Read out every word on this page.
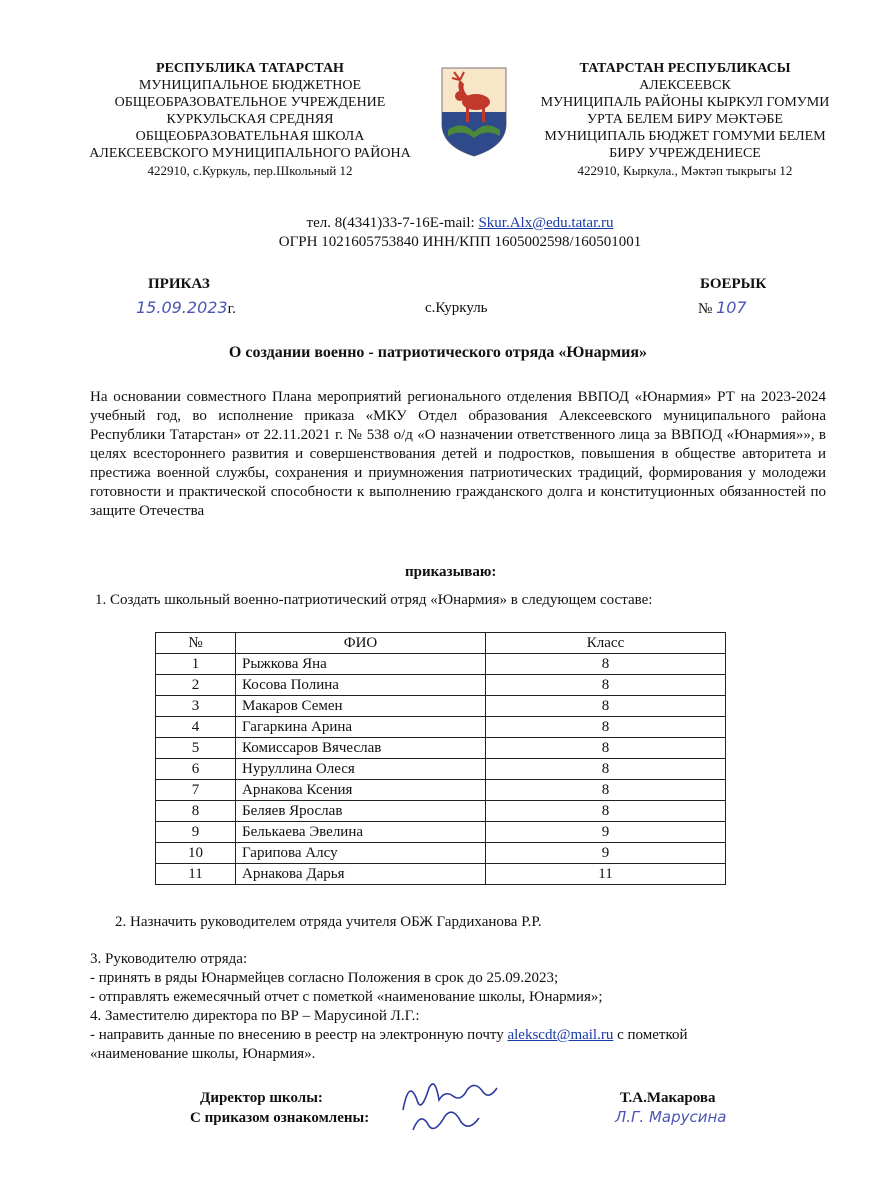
РЕСПУБЛИКА ТАТАРСТАН
МУНИЦИПАЛЬНОЕ БЮДЖЕТНОЕ
ОБЩЕОБРАЗОВАТЕЛЬНОЕ УЧРЕЖДЕНИЕ
КУРКУЛЬСКАЯ СРЕДНЯЯ
ОБЩЕОБРАЗОВАТЕЛЬНАЯ ШКОЛА
АЛЕКСЕЕВСКОГО МУНИЦИПАЛЬНОГО РАЙОНА
422910, с.Куркуль, пер.Школьный 12
ТАТАРСТАН РЕСПУБЛИКАСЫ
АЛЕКСЕЕВСК
МУНИЦИПАЛЬ РАЙОНЫ КЫРКУЛ ГОМУМИ
УРТА БЕЛЕМ БИРУ МӘКТӘБЕ
МУНИЦИПАЛЬ БЮДЖЕТ ГОМУМИ БЕЛЕМ
БИРУ УЧРЕЖДЕНИЕСЕ
422910, Кыркула., Мәктәп тыкрыгы 12
тел. 8(4341)33-7-16E-mail: Skur.Alx@edu.tatar.ru
ОГРН 1021605753840 ИНН/КПП 1605002598/160501001
ПРИКАЗ	БОЕРЫК
15.09.2023г.	с.Куркуль	№ 107
О создании военно - патриотического отряда «Юнармия»
На основании совместного Плана мероприятий регионального отделения ВВПОД «Юнармия» РТ на 2023-2024 учебный год, во исполнение приказа «МКУ Отдел образования Алексеевского муниципального района Республики Татарстан» от 22.11.2021 г. № 538 о/д «О назначении ответственного лица за ВВПОД «Юнармия»», в целях всестороннего развития и совершенствования детей и подростков, повышения в обществе авторитета и престижа военной службы, сохранения и приумножения патриотических традиций, формирования у молодежи готовности и практической способности к выполнению гражданского долга и конституционных обязанностей по защите Отечества
приказываю:
1. Создать школьный военно-патриотический отряд «Юнармия» в следующем составе:
№	ФИО	Класс
1	Рыжкова Яна	8
2	Косова Полина	8
3	Макаров Семен	8
4	Гагаркина Арина	8
5	Комиссаров Вячеслав	8
6	Нуруллина Олеся	8
7	Арнакова Ксения	8
8	Беляев Ярослав	8
9	Белькаева Эвелина	9
10	Гарипова Алсу	9
11	Арнакова Дарья	11
2. Назначить руководителем отряда учителя ОБЖ Гардиханова Р.Р.
3. Руководителю отряда:
- принять в ряды Юнармейцев согласно Положения в срок до 25.09.2023;
- отправлять ежемесячный отчет с пометкой «наименование школы, Юнармия»;
4. Заместителю директора по ВР – Марусиной Л.Г.:
- направить данные по внесению в реестр на электронную почту alekscdt@mail.ru с пометкой
«наименование школы, Юнармия».
Директор школы:
С приказом ознакомлены:
Т.А.Макарова
Л.Г. Марусина
